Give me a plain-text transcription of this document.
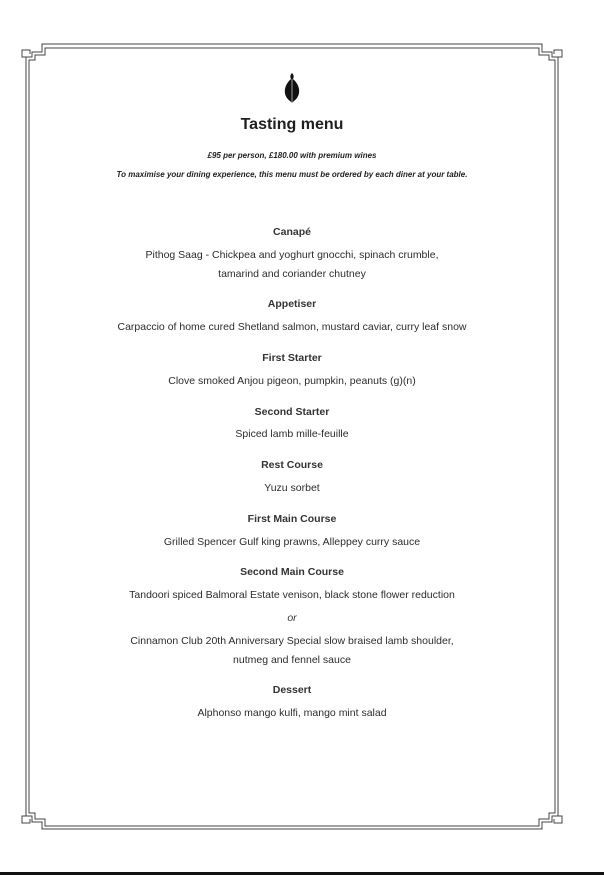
Tasting menu

£95 per person, £180.00 with premium wines

To maximise your dining experience, this menu must be ordered by each diner at your table.

Canapé

Pithog Saag - Chickpea and yoghurt gnocchi, spinach crumble,

tamarind and coriander chutney

Appetiser

Carpaccio of home cured Shetland salmon, mustard caviar, curry leaf snow

First Starter

Clove smoked Anjou pigeon, pumpkin, peanuts (g)(n)

Second Starter

Spiced lamb mille-feuille

Rest Course

Yuzu sorbet

First Main Course

Grilled Spencer Gulf king prawns, Alleppey curry sauce

Second Main Course

Tandoori spiced Balmoral Estate venison, black stone flower reduction

or

Cinnamon Club 20th Anniversary Special slow braised lamb shoulder,

nutmeg and fennel sauce

Dessert

Alphonso mango kulfi, mango mint salad
